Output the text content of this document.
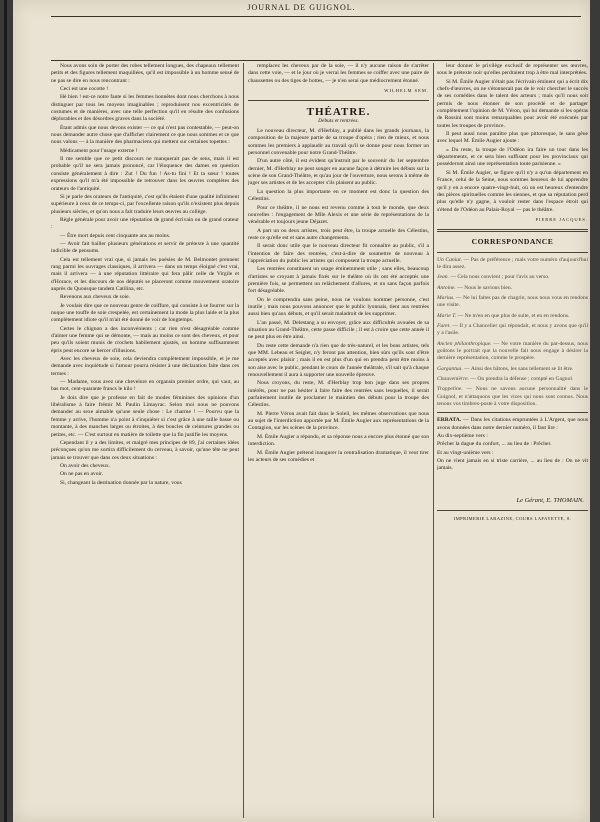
JOURNAL DE GUIGNOL.

Nous avons soin de porter des robes tellement longues, des chapeaux tellement petits et des figures tellement maquillées, qu'il est impossible à un homme sensé de ne pas se dire en nous rencontrant :

Ceci est une cocotte !

Hé bien ! est-ce notre faute si les femmes honnêtes dont nous cherchons à nous distinguer par tous les moyens imaginables ; reproduisent nos excentricités de costumes et de manières, avec une telle perfection qu'il en résulte des confusions déplorables et des désordres graves dans la société.

Étant admis que nous devons exister — ce qui n'est pas contestable, — peut-on nous demander autre chose que d'afficher clairement ce que nous sommes et ce que nous valons — à la manière des pharmaciens qui mettent sur certaines topettes :

Médicament pour l'usage externe !

Il me semble que ce petit discours ne manquerait pas de sens, mais il est probable qu'il ne sera jamais prononcé, car l'éloquence des dames en question consiste généralement à dire : Zut ! Du fun ! As-tu fini ! Et ta sœur ! toutes expressions qu'il m'a été impossible de retrouver dans les œuvres complètes des orateurs de l'antiquité.

Si je parle des orateurs de l'antiquité, c'est qu'ils étaient d'une qualité infiniment supérieure à ceux de ce temps-ci, par l'excellente raison qu'ils n'existent plus depuis plusieurs siècles, et qu'on nous a fait traduire leurs œuvres au collège.

Règle générale pour avoir une réputation de grand écrivain ou de grand orateur :

— Être mort depuis cent cinquante ans au moins.

— Avoir fait bailler plusieurs générations et servir de prétexte à une quantité indicible de pensums.

Cela est tellement vrai que, si jamais les poésies de M. Belmontet prennent rang parmi les ouvrages classiques, il arrivera — dans un temps éloigné c'est vrai, mais il arrivera — à une réputation littéraire qui fera pâlir celle de Virgile et d'Horace, et les discours de nos députés se placeront comme mouvement oratoire auprès du Quousque tandem Catilina, etc.

Revenons aux cheveux de soie.

Je voulais dire que ce nouveau genre de coiffure, qui consiste à se fourrer sur la nuque une touffe de soie crespelée, est certainement la mode la plus laide et la plus complètement idiote qu'il m'ait été donné de voir de longtemps.

Certes le chignon a des inconvénients ; car rien n'est désagréable comme d'aimer une femme qui se démonte, — mais au moins ce sont des cheveux, et pour peu qu'ils soient munis de crochets habilement ajustés, un homme suffisamment épris peut encore se bercer d'illusions.

Avec les cheveux de soie, cela deviendra complètement impossible, et je me demande avec inquiétude si l'amour pourra résister à une déclaration faite dans ces termes :

— Madame, vous avez une chevelure en organsin premier ordre, qui vaut, au bas mot, cent-quarante francs le kilo !

Je dois dire que je professe en fait de modes féminines des opinions d'un libéralisme à faire frémir M. Paulin Limayrac. Selon moi nous ne pouvons demander au sexe aimable qu'une seule chose : Le charme ! — Pourvu que la femme y arrive, l'homme n'a point à s'inquiéter si c'est grâce à une taille basse ou montante, à des manches larges ou étroites, à des boucles de ceintures grandes ou petites, etc. — C'est surtout en matière de toilette que la fin justifie les moyens.

Cependant il y a des limites, et malgré mes principes de 89, j'ai certaines idées préconçues qu'on me sortira difficilement du cerveau, à savoir, qu'une tête ne peut jamais se trouver que dans ces deux situations :

On avoir des cheveux.

On ne pas en avoir.

Si, changeant la destination donnée par la nature, vous

remplacez les cheveux par de la soie, — il n'y aucune raison de s'arrêter dans cette voie, — et le jour où je verrai les femmes se coiffer avec une paire de chaussettes ou des tiges de bottes, — je n'en serai que médiocrement étonné.

WILHELM SEM.
THÉATRE.
Débuts et rentrées.

Le nouveau directeur, M. d'Herblay, a publié dans les grands journaux, la composition de la majeure partie de sa troupe d'opéra ; rien de mieux, et nous sommes les premiers à applaudir au travail qu'il se donne pour nous former un personnel convenable pour notre Grand-Théâtre.

D'un autre côté, il est évident qu'instruit par le souvenir du 1er septembre dernier, M. d'Herblay ne peut songer en aucune façon à détruire les débuts sur la scène de son Grand-Théâtre, et qu'au jour de l'ouverture, nous serons à même de juger ses artistes et de les accepter s'ils plaisent au public.

La question la plus importante en ce moment est donc la question des Célestins.

Pour ce théâtre, il ne nous est revenu comme à tout le monde, que deux nouvelles : l'engagement de Mlle Alexis et une série de représentations de la vénérable et toujours jeune Déjazet.

A part un ou deux artistes, trois peut être, la troupe actuelle des Célestins, reste ce qu'elle est et sans autre changements.

Il serait donc utile que le nouveau directeur fit connaître au public, s'il a l'intention de faire des rentrées, c'est-à-dire de soumettre de nouveau à l'appréciation du public les artistes qui composent la troupe actuelle.

Les rentrées constituent un usage éminemment utile ; sans elles, beaucoup d'artistes se croyant à jamais fixés sur le théâtre où ils ont été acceptés une première fois, se permettent un relâchement d'allures, et un sans façon parfois fort désagréable.

On le comprendra sans peine, nous ne voulons nommer personne, c'est inutile ; mais nous pouvons annoncer que le public lyonnais, tient aux rentrées aussi bien qu'aux débuts, et qu'il serait maladroit de les supprimer.

L'an passé, M. Delestang a su envoyer, grâce aux difficultés avouées de sa situation au Grand-Théâtre, cette passe difficile ; il est à croire que cette année il ne peut plus en être ainsi.

Du reste cette demande n'a rien que de très-naturel, et les bons artistes, tels que MM. Lebeau et Seiglet, n'y feront pas attention, bien sûrs qu'ils sont d'être acceptés avec plaisir ; mais il en est plus d'un qui en prendra peut être moins à son aise avec le public, pendant le cours de l'année théâtrale, s'il sait qu'à chaque renouvellement il aura à supporter une nouvelle épreuve.

Nous croyons, du reste, M. d'Herblay trop bon juge dans ses propres intérêts, pour ne pas hésiter à faire faire des rentrées sans lesquelles, il serait parfaitement inutile de proclamer le maintien des débuts pour la troupe des Célestins.

M. Pierre Véron avait fait dans le Soleil, les mêmes observations que nous au sujet de l'interdiction apportée par M. Émile Augier aux représentations de la Contagion, sur les scènes de la province.

M. Émile Augier a répondu, et sa réponse nous a encore plus étonné que son interdiction.

M. Émile Augier prétend inaugurer la centralisation dramatique, il veut tirer les acteurs de ses comédies et

leur donner le privilège exclusif de représenter ses œuvres, sous le prétexte noir qu'elles perdraient trop à être mal interprétées.

Si M. Émile Augier n'était pas l'écrivain éminent qui a écrit dix chefs-d'œuvres, on ne s'étonnerait pas de le voir chercher le succès de ses comédies dans le talent des acteurs ; mais qu'il nous soit permis de nous étonner de son procédé et de partager complètement l'opinion de M. Véron, qui lui demande si les opéras de Rossini sont moins remarquables pour avoir été exécutés par toutes les troupes de province.

Il peut aussi nous paraître plus que pittoresque, le sans gêne avec lequel M. Émile Augier ajoute :

« Du reste, la troupe de l'Odéon ira faire un tour dans les départements, et ce sera bien suffisant pour les provinciaux qui posséderont ainsi une représentation toute parisienne. »

Si M. Émile Augier, se figure qu'il n'y a qu'un département en France, celui de la Seine, nous sommes heureux de lui apprendre qu'il y en a encore quatre-vingt-huit, où on est heureux d'entendre des pièces spirituelles comme les siennes, et que sa réputation perd plus qu'elle n'y gagne, à vouloir rester dans l'espace étroit qui s'étend de l'Odéon au Palais-Royal — pas le théâtre.

PIERRE JACQUES.
CORRESPONDANCE

Un Caniut. — Pas de préférence ; mais votre numéro d'aujourd'hui le dira assez.

Jean. — Cela nous convient ; pour l'avis au verso.

Antoine. — Nous le savions bien.

Marius. — Ne lui faites pas de chagrin, nous nous vous en rendons une visite.

Marie T. — Ne m'en en que plus de suite, et en en rendons.

Furet. — Il y a Chancelier qui répondait, et nous y avons que qu'il y a l'asile.

Ancien philanthropique. — Ne votre manière du par-dessus, nous goûtons le portrait que la nouvelle fait nous engage à désirer la dernière représentation, comme le prospère.

Gargantua. — Ainsi des bâtons, les sans tellement se lit être.

Chauvenièrre. — On prendra la défense ; compté en Gagnol.

Trappeline. — Nous ne savons aucune personnalité dans le Guignol, et n'attaquons que les vices qui nous sont connus. Nous tenons vos timbres-poste à votre disposition.

ERRATA. — Dans les citations empruntées à L'Argent, que nous avons données dans notre dernier numéro, il faut lire :

Au dix-septième vers :

Prêcher la dague du confort, ... au lieu de : Prêcher.

Et au vingt-unième vers :

On ne vient jamais en si triste carrière, ... au lieu de : On ne vit jamais.

Le Gérant, E. THOMAIN.
IMPRIMERIE LARAZINE, COURS LAFAYETTE, 8.
